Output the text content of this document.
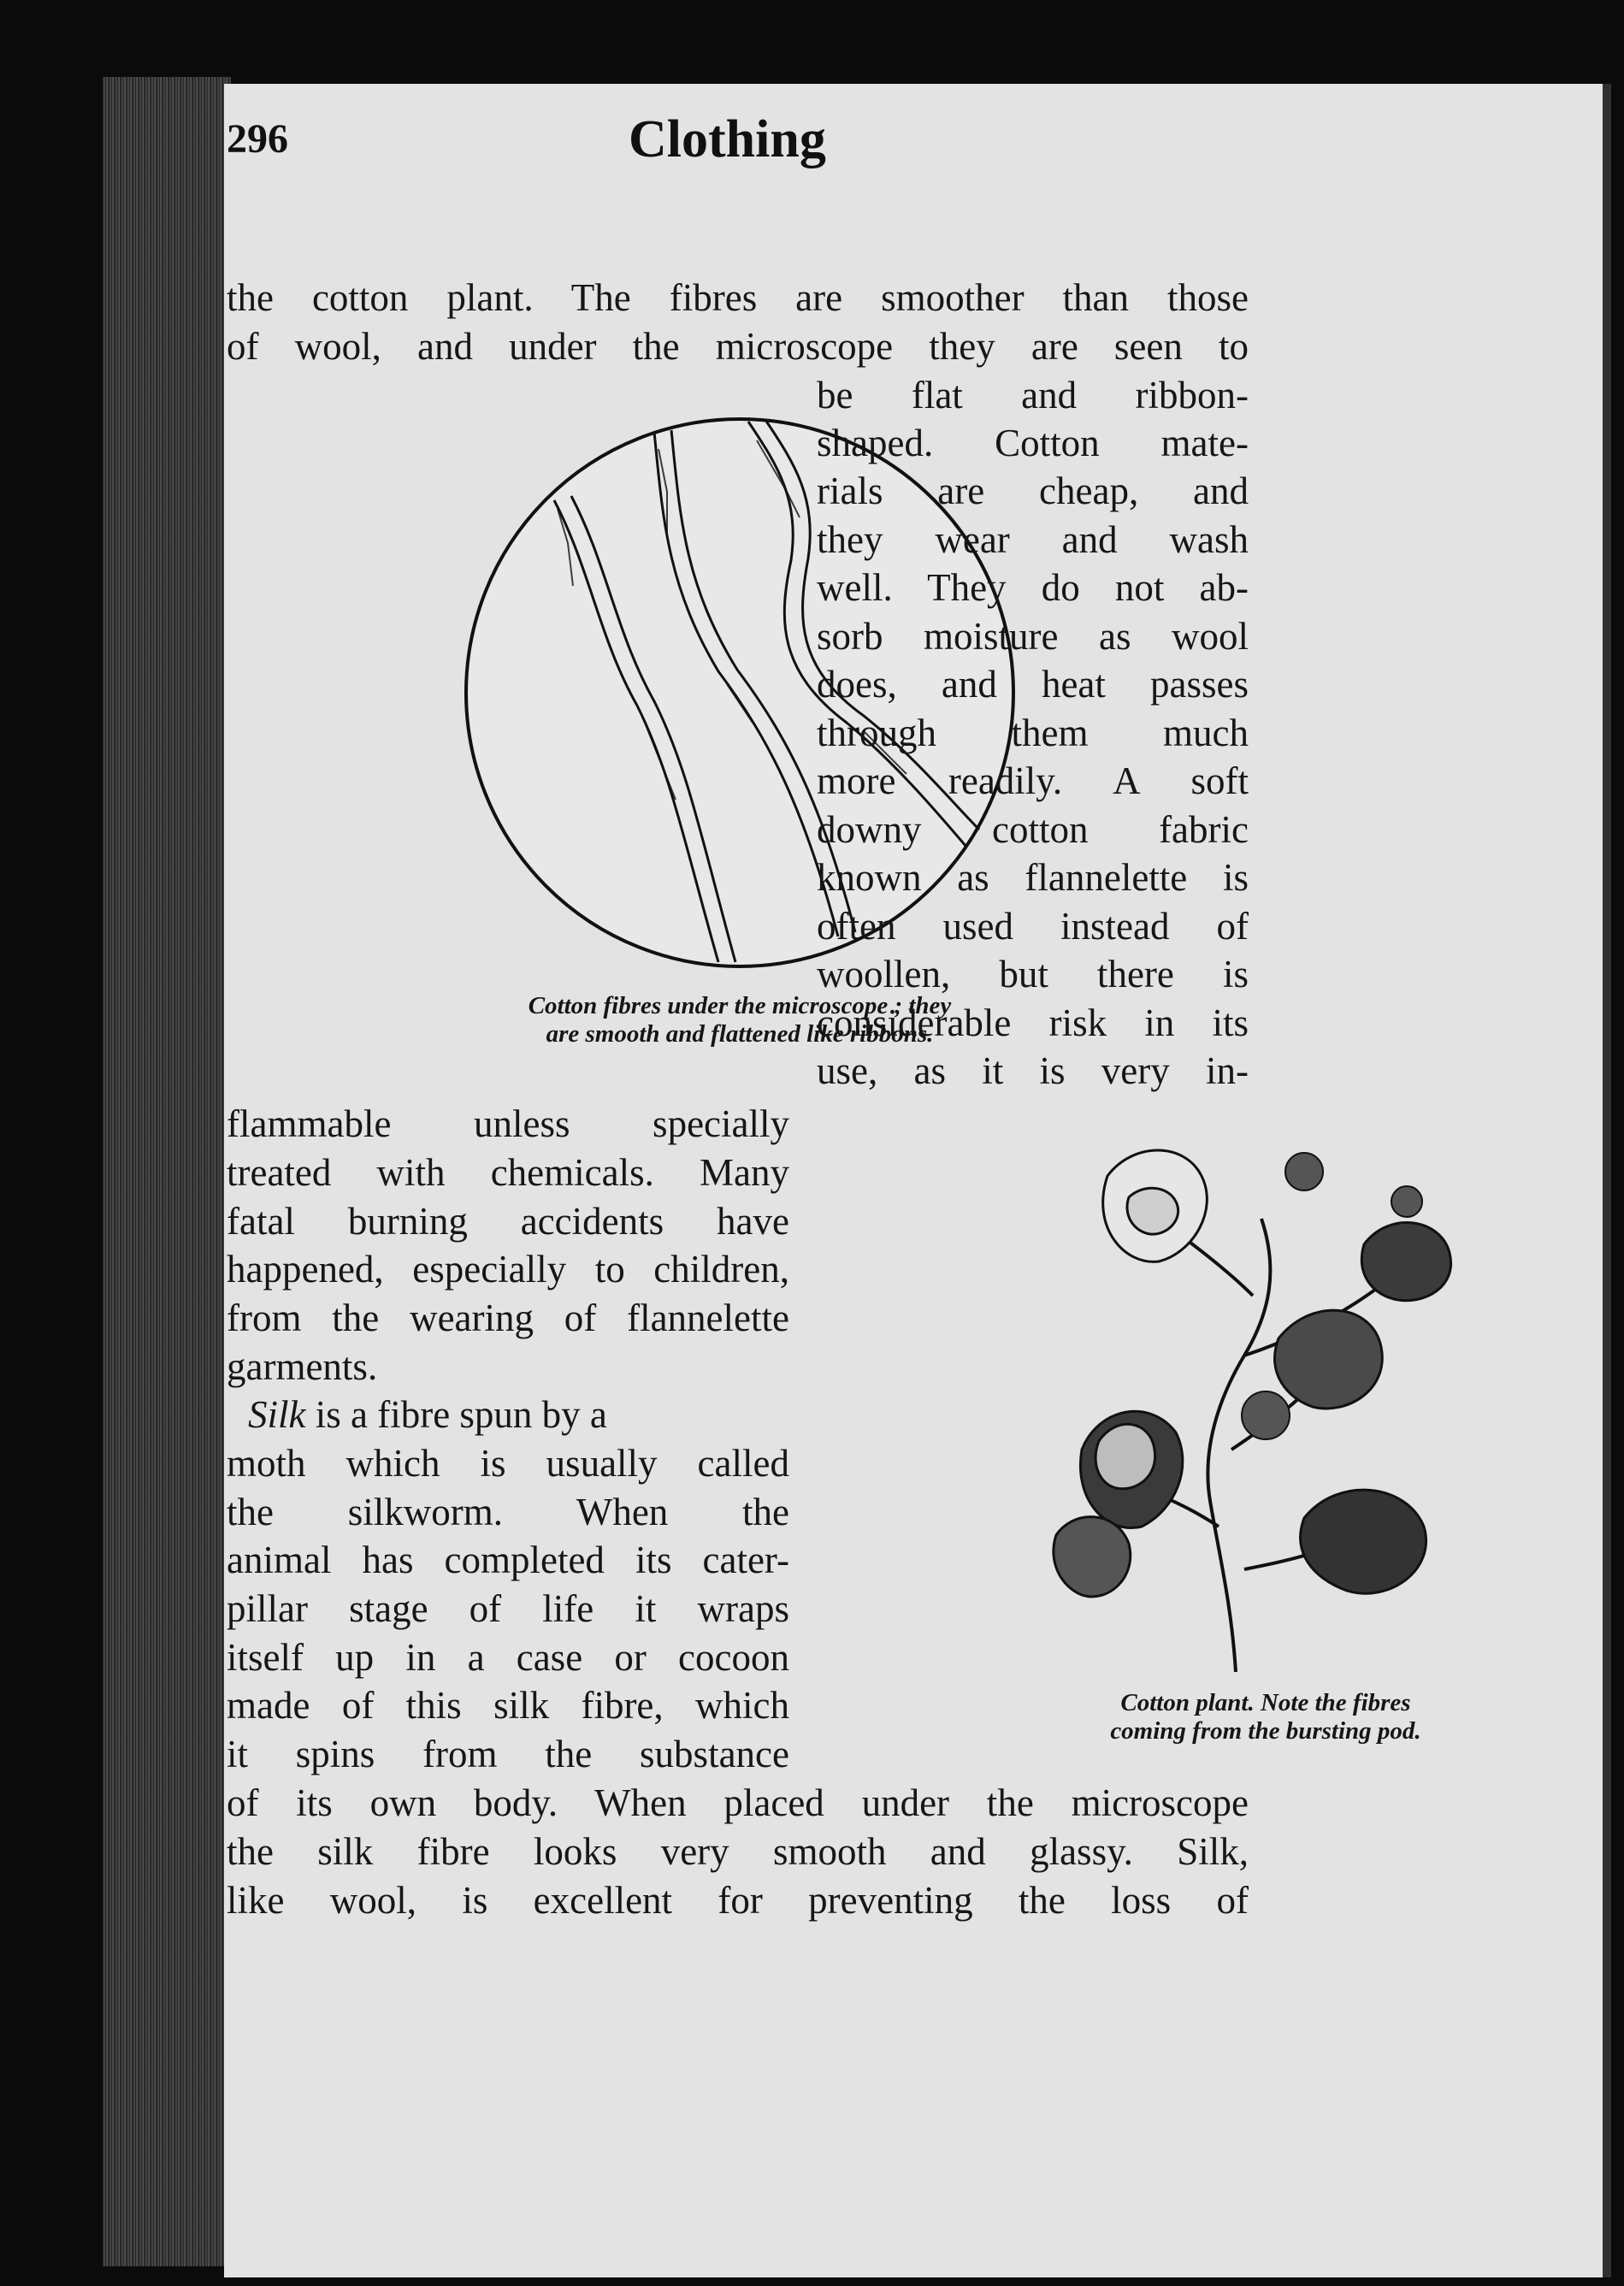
296	Clothing
the cotton plant. The fibres are smoother than those
of wool, and under the microscope they are seen to
Cotton fibres under the microscope ; they
are smooth and flattened like ribbons.
be flat and ribbon-
shaped. Cotton mate-
rials are cheap, and
they wear and wash
well. They do not ab-
sorb moisture as wool
does, and heat passes
through them much
more readily. A soft
downy cotton fabric
known as flannelette is
often used instead of
woollen, but there is
considerable risk in its
use, as it is very in-
flammable unless specially
treated with chemicals. Many
fatal burning accidents have
happened, especially to children,
from the wearing of flannelette
garments.
Silk is a fibre spun by a
moth which is usually called
the silkworm. When the
animal has completed its cater-
pillar stage of life it wraps
itself up in a case or cocoon
made of this silk fibre, which
it spins from the substance
Cotton plant. Note the fibres
coming from the bursting pod.
of its own body. When placed under the microscope
the silk fibre looks very smooth and glassy. Silk,
like wool, is excellent for preventing the loss of
